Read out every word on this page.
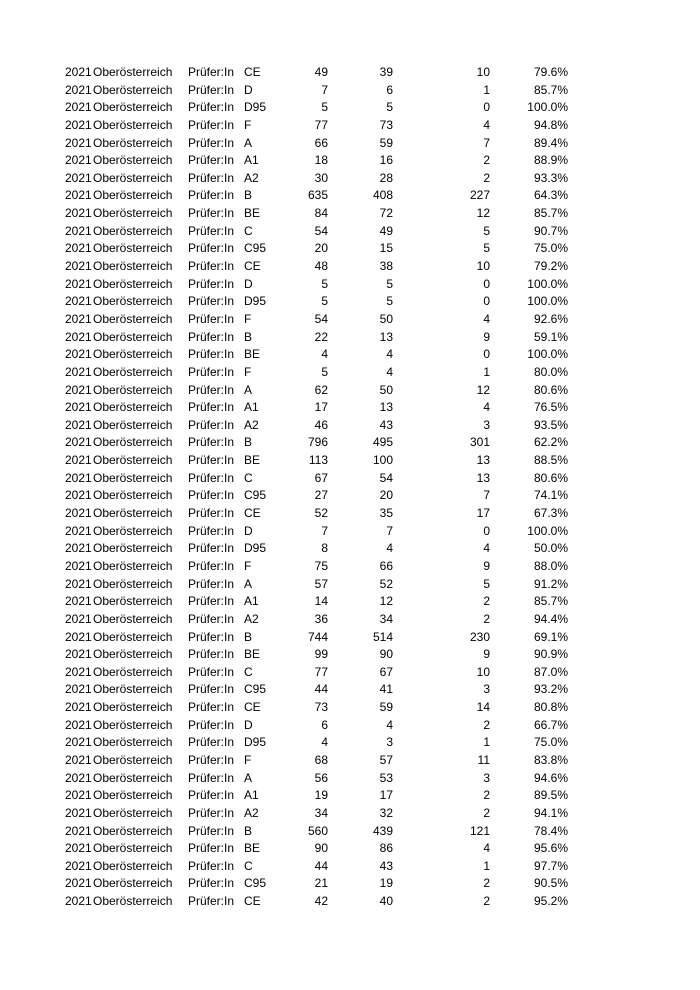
2021 Oberösterreich Prüfer:In CE	49	39	10	79.6%
2021 Oberösterreich Prüfer:In D	7	6	1	85.7%
2021 Oberösterreich Prüfer:In D95	5	5	0	100.0%
2021 Oberösterreich Prüfer:In F	77	73	4	94.8%
2021 Oberösterreich Prüfer:In A	66	59	7	89.4%
2021 Oberösterreich Prüfer:In A1	18	16	2	88.9%
2021 Oberösterreich Prüfer:In A2	30	28	2	93.3%
2021 Oberösterreich Prüfer:In B	635	408	227	64.3%
2021 Oberösterreich Prüfer:In BE	84	72	12	85.7%
2021 Oberösterreich Prüfer:In C	54	49	5	90.7%
2021 Oberösterreich Prüfer:In C95	20	15	5	75.0%
2021 Oberösterreich Prüfer:In CE	48	38	10	79.2%
2021 Oberösterreich Prüfer:In D	5	5	0	100.0%
2021 Oberösterreich Prüfer:In D95	5	5	0	100.0%
2021 Oberösterreich Prüfer:In F	54	50	4	92.6%
2021 Oberösterreich Prüfer:In B	22	13	9	59.1%
2021 Oberösterreich Prüfer:In BE	4	4	0	100.0%
2021 Oberösterreich Prüfer:In F	5	4	1	80.0%
2021 Oberösterreich Prüfer:In A	62	50	12	80.6%
2021 Oberösterreich Prüfer:In A1	17	13	4	76.5%
2021 Oberösterreich Prüfer:In A2	46	43	3	93.5%
2021 Oberösterreich Prüfer:In B	796	495	301	62.2%
2021 Oberösterreich Prüfer:In BE	113	100	13	88.5%
2021 Oberösterreich Prüfer:In C	67	54	13	80.6%
2021 Oberösterreich Prüfer:In C95	27	20	7	74.1%
2021 Oberösterreich Prüfer:In CE	52	35	17	67.3%
2021 Oberösterreich Prüfer:In D	7	7	0	100.0%
2021 Oberösterreich Prüfer:In D95	8	4	4	50.0%
2021 Oberösterreich Prüfer:In F	75	66	9	88.0%
2021 Oberösterreich Prüfer:In A	57	52	5	91.2%
2021 Oberösterreich Prüfer:In A1	14	12	2	85.7%
2021 Oberösterreich Prüfer:In A2	36	34	2	94.4%
2021 Oberösterreich Prüfer:In B	744	514	230	69.1%
2021 Oberösterreich Prüfer:In BE	99	90	9	90.9%
2021 Oberösterreich Prüfer:In C	77	67	10	87.0%
2021 Oberösterreich Prüfer:In C95	44	41	3	93.2%
2021 Oberösterreich Prüfer:In CE	73	59	14	80.8%
2021 Oberösterreich Prüfer:In D	6	4	2	66.7%
2021 Oberösterreich Prüfer:In D95	4	3	1	75.0%
2021 Oberösterreich Prüfer:In F	68	57	11	83.8%
2021 Oberösterreich Prüfer:In A	56	53	3	94.6%
2021 Oberösterreich Prüfer:In A1	19	17	2	89.5%
2021 Oberösterreich Prüfer:In A2	34	32	2	94.1%
2021 Oberösterreich Prüfer:In B	560	439	121	78.4%
2021 Oberösterreich Prüfer:In BE	90	86	4	95.6%
2021 Oberösterreich Prüfer:In C	44	43	1	97.7%
2021 Oberösterreich Prüfer:In C95	21	19	2	90.5%
2021 Oberösterreich Prüfer:In CE	42	40	2	95.2%
